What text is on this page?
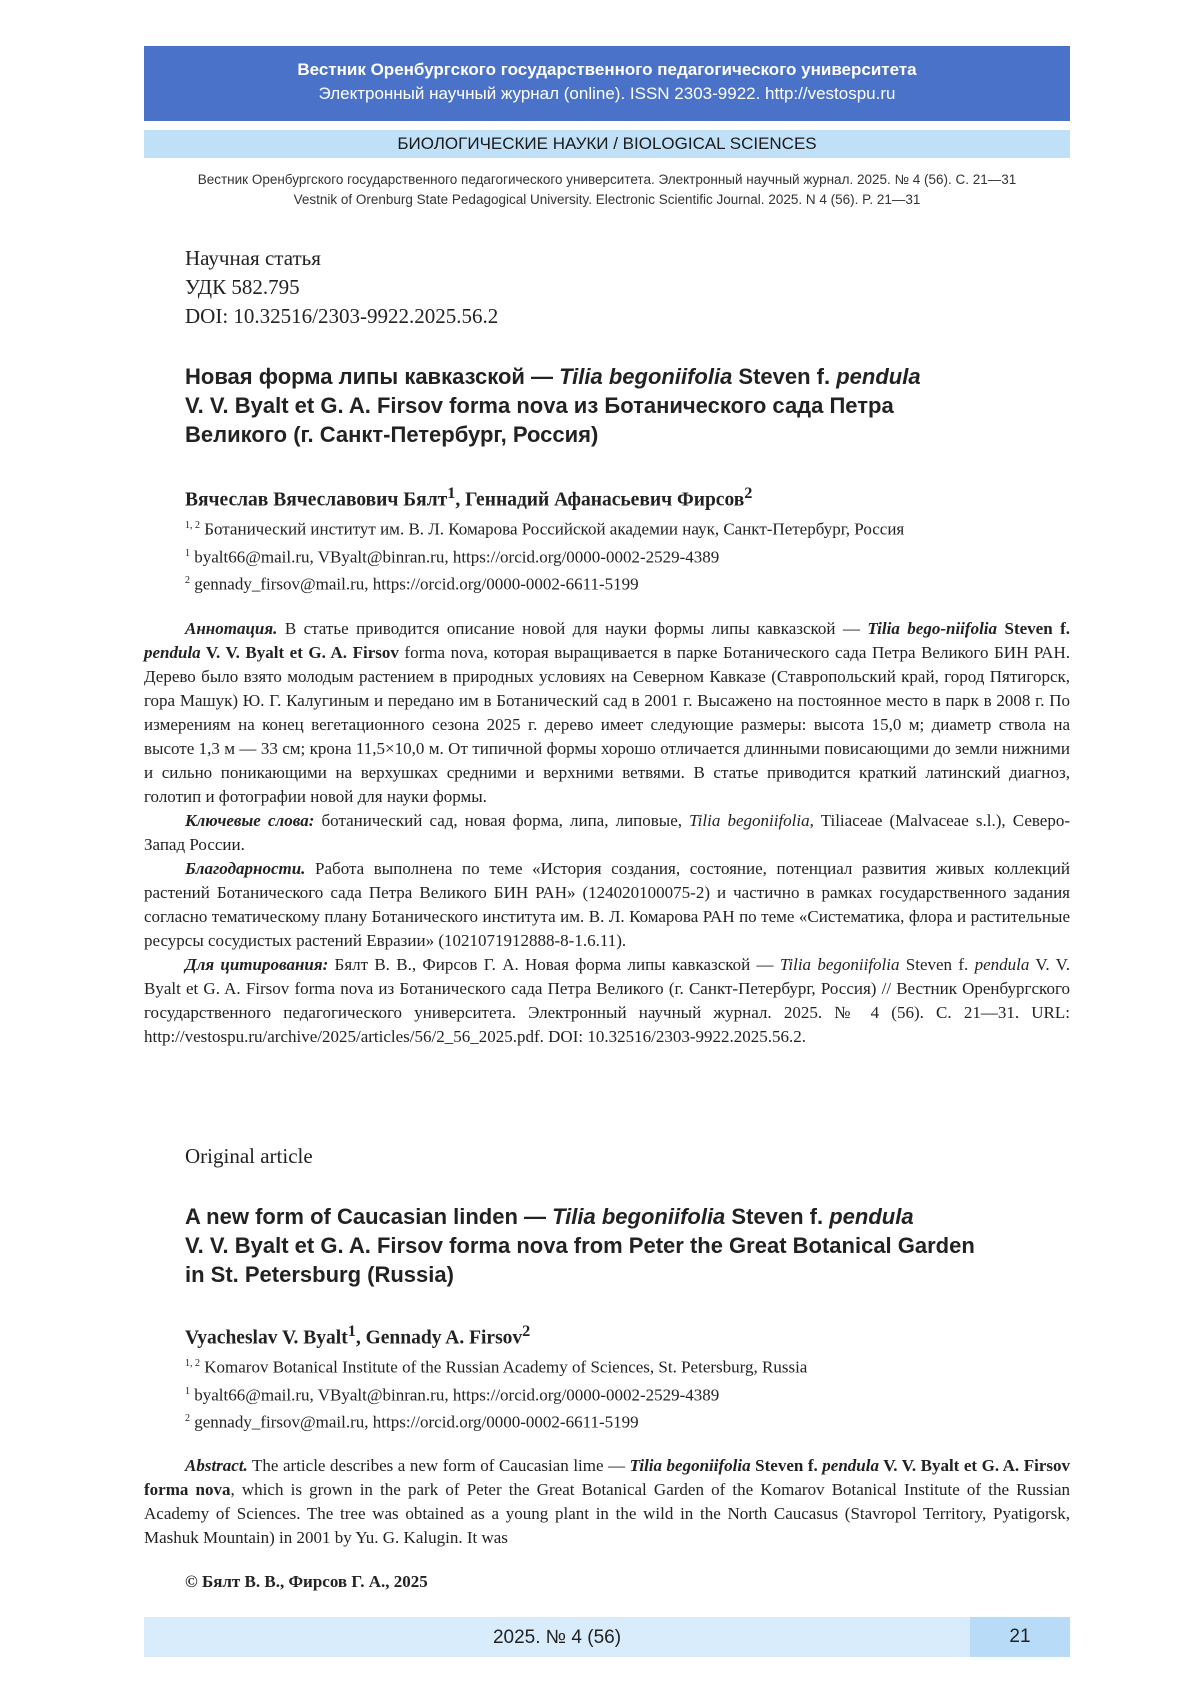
Вестник Оренбургского государственного педагогического университета
Электронный научный журнал (online). ISSN 2303-9922. http://vestospu.ru
БИОЛОГИЧЕСКИЕ НАУКИ / BIOLOGICAL SCIENCES
Вестник Оренбургского государственного педагогического университета. Электронный научный журнал. 2025. № 4 (56). С. 21—31
Vestnik of Orenburg State Pedagogical University. Electronic Scientific Journal. 2025. N 4 (56). P. 21—31
Научная статья
УДК 582.795
DOI: 10.32516/2303-9922.2025.56.2
Новая форма липы кавказской — Tilia begoniifolia Steven f. pendula
V. V. Byalt et G. A. Firsov forma nova из Ботанического сада Петра
Великого (г. Санкт-Петербург, Россия)
Вячеслав Вячеславович Бялт$^1$, Геннадий Афанасьевич Фирсов$^2$
$^{1, 2}$ Ботанический институт им. В. Л. Комарова Российской академии наук, Санкт-Петербург, Россия
$^1$ byalt66@mail.ru, VByalt@binran.ru, https://orcid.org/0000-0002-2529-4389
$^2$ gennady_firsov@mail.ru, https://orcid.org/0000-0002-6611-5199

Аннотация. В статье приводится описание новой для науки формы липы кавказской — Tilia bego-niifolia Steven f. pendula V. V. Byalt et G. A. Firsov forma nova, которая выращивается в парке Ботанического сада Петра Великого БИН РАН. Дерево было взято молодым растением в природных условиях на Северном Кавказе (Ставропольский край, город Пятигорск, гора Машук) Ю. Г. Калугиным и передано им в Ботанический сад в 2001 г. Высажено на постоянное место в парк в 2008 г. По измерениям на конец вегетационного сезона 2025 г. дерево имеет следующие размеры: высота 15,0 м; диаметр ствола на высоте 1,3 м — 33 см; крона 11,5×10,0 м. От типичной формы хорошо отличается длинными повисающими до земли нижними и сильно поникающими на верхушках средними и верхними ветвями. В статье приводится краткий латинский диагноз, голотип и фотографии новой для науки формы.

Ключевые слова: ботанический сад, новая форма, липа, липовые, Tilia begoniifolia, Tiliaceae (Malvaceae s.l.), Северо-Запад России.

Благодарности. Работа выполнена по теме «История создания, состояние, потенциал развития живых коллекций растений Ботанического сада Петра Великого БИН РАН» (124020100075-2) и частично в рамках государственного задания согласно тематическому плану Ботанического института им. В. Л. Комарова РАН по теме «Систематика, флора и растительные ресурсы сосудистых растений Евразии» (1021071912888-8-1.6.11).

Для цитирования: Бялт В. В., Фирсов Г. А. Новая форма липы кавказской — Tilia begoniifolia Steven f. pendula V. V. Byalt et G. A. Firsov forma nova из Ботанического сада Петра Великого (г. Санкт-Петербург, Россия) // Вестник Оренбургского государственного педагогического университета. Электронный научный журнал. 2025. № 4 (56). С. 21—31. URL: http://vestospu.ru/archive/2025/articles/56/2_56_2025.pdf. DOI: 10.32516/2303-9922.2025.56.2.

Original article
A new form of Caucasian linden — Tilia begoniifolia Steven f. pendula
V. V. Byalt et G. A. Firsov forma nova from Peter the Great Botanical Garden
in St. Petersburg (Russia)
Vyacheslav V. Byalt$^1$, Gennady A. Firsov$^2$
$^{1, 2}$ Komarov Botanical Institute of the Russian Academy of Sciences, St. Petersburg, Russia
$^1$ byalt66@mail.ru, VByalt@binran.ru, https://orcid.org/0000-0002-2529-4389
$^2$ gennady_firsov@mail.ru, https://orcid.org/0000-0002-6611-5199

Abstract. The article describes a new form of Caucasian lime — Tilia begoniifolia Steven f. pendula V. V. Byalt et G. A. Firsov forma nova, which is grown in the park of Peter the Great Botanical Garden of the Komarov Botanical Institute of the Russian Academy of Sciences. The tree was obtained as a young plant in the wild in the North Caucasus (Stavropol Territory, Pyatigorsk, Mashuk Mountain) in 2001 by Yu. G. Kalugin. It was

© Бялт В. В., Фирсов Г. А., 2025
2025. № 4 (56)	21
